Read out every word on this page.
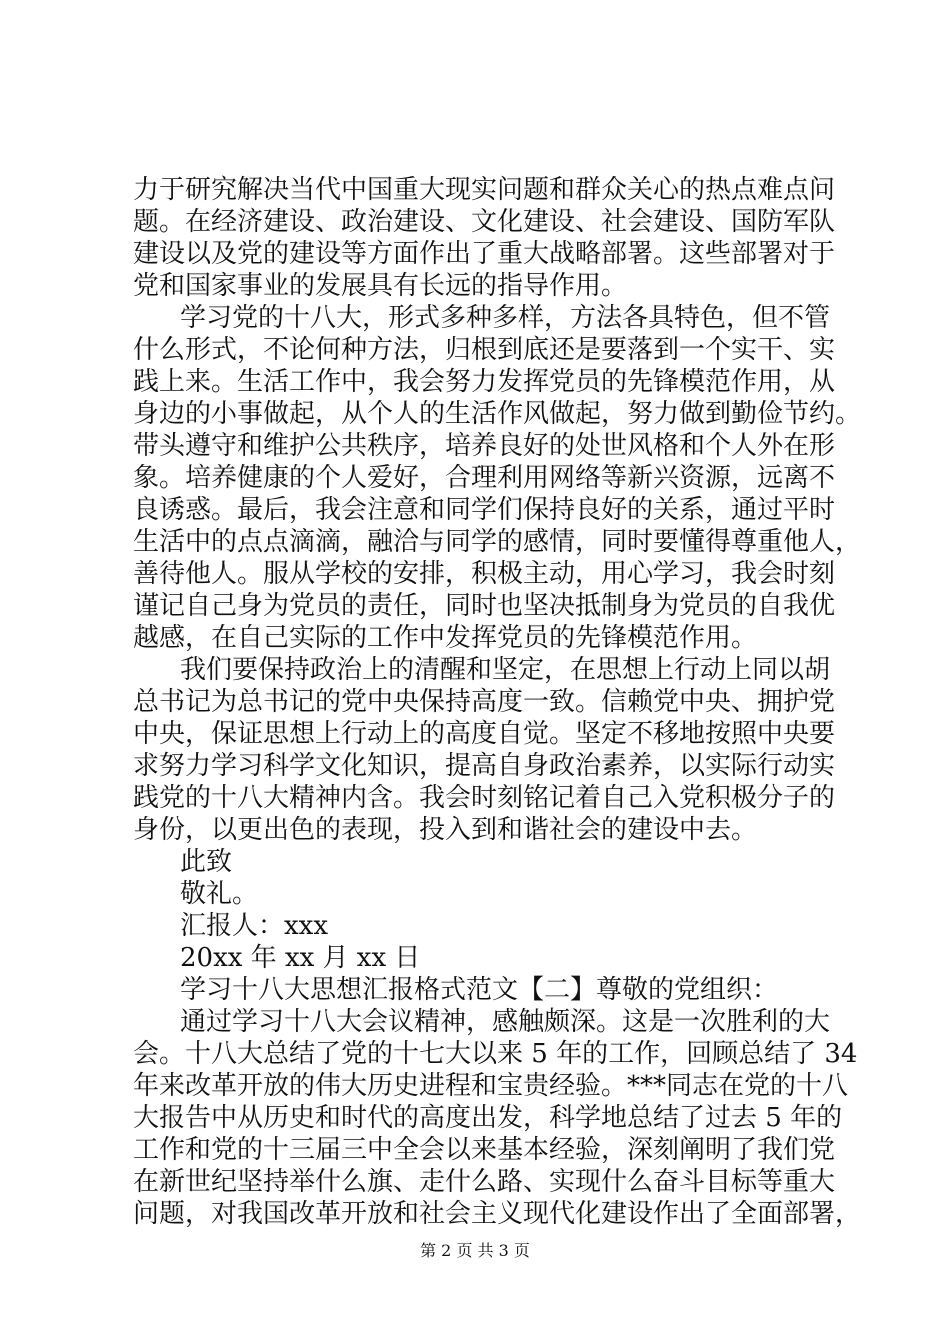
力于研究解决当代中国重大现实问题和群众关心的热点难点问
题。在经济建设、政治建设、文化建设、社会建设、国防军队
建设以及党的建设等方面作出了重大战略部署。这些部署对于
党和国家事业的发展具有长远的指导作用。
学习党的十八大，形式多种多样，方法各具特色，但不管
什么形式，不论何种方法，归根到底还是要落到一个实干、实
践上来。生活工作中，我会努力发挥党员的先锋模范作用，从
身边的小事做起，从个人的生活作风做起，努力做到勤俭节约。
带头遵守和维护公共秩序，培养良好的处世风格和个人外在形
象。培养健康的个人爱好，合理利用网络等新兴资源，远离不
良诱惑。最后，我会注意和同学们保持良好的关系，通过平时
生活中的点点滴滴，融洽与同学的感情，同时要懂得尊重他人，
善待他人。服从学校的安排，积极主动，用心学习，我会时刻
谨记自己身为党员的责任，同时也坚决抵制身为党员的自我优
越感，在自己实际的工作中发挥党员的先锋模范作用。
我们要保持政治上的清醒和坚定，在思想上行动上同以胡
总书记为总书记的党中央保持高度一致。信赖党中央、拥护党
中央，保证思想上行动上的高度自觉。坚定不移地按照中央要
求努力学习科学文化知识，提高自身政治素养，以实际行动实
践党的十八大精神内含。我会时刻铭记着自己入党积极分子的
身份，以更出色的表现，投入到和谐社会的建设中去。
此致
敬礼。
汇报人：xxx
20xx 年 xx 月 xx 日
学习十八大思想汇报格式范文【二】尊敬的党组织：
通过学习十八大会议精神，感触颇深。这是一次胜利的大
会。十八大总结了党的十七大以来 5 年的工作，回顾总结了 34
年来改革开放的伟大历史进程和宝贵经验。***同志在党的十八
大报告中从历史和时代的高度出发，科学地总结了过去 5 年的
工作和党的十三届三中全会以来基本经验，深刻阐明了我们党
在新世纪坚持举什么旗、走什么路、实现什么奋斗目标等重大
问题，对我国改革开放和社会主义现代化建设作出了全面部署，
第 2 页 共 3 页
